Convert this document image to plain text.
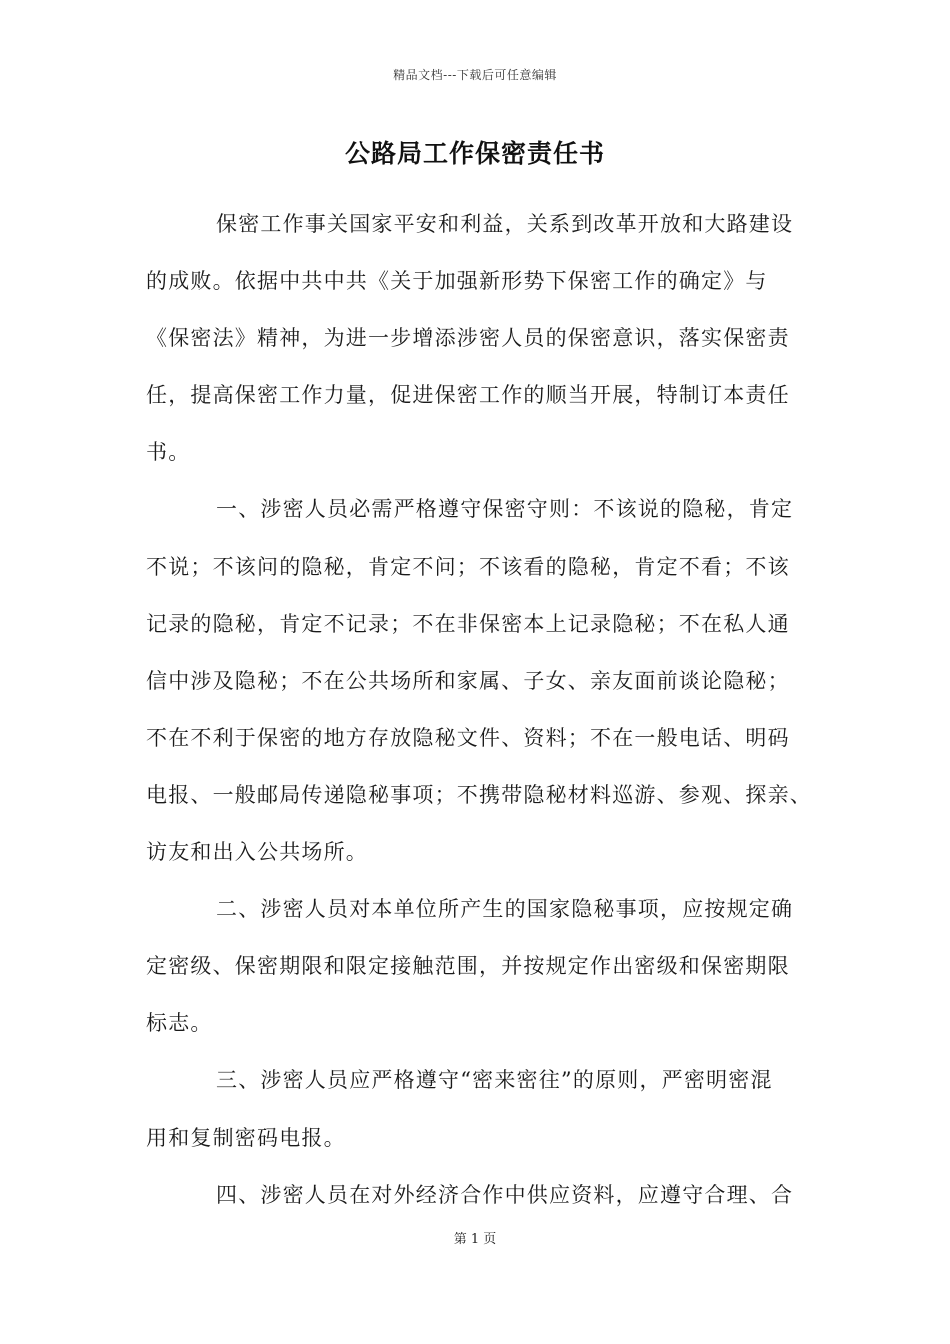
精品文档---下载后可任意编辑
公路局工作保密责任书
保密工作事关国家平安和利益，关系到改革开放和大路建设
的成败。依据中共中共《关于加强新形势下保密工作的确定》与
《保密法》精神，为进一步增添涉密人员的保密意识，落实保密责
任，提高保密工作力量，促进保密工作的顺当开展，特制订本责任
书。
一、涉密人员必需严格遵守保密守则：不该说的隐秘，肯定
不说；不该问的隐秘，肯定不问；不该看的隐秘，肯定不看；不该
记录的隐秘，肯定不记录；不在非保密本上记录隐秘；不在私人通
信中涉及隐秘；不在公共场所和家属、子女、亲友面前谈论隐秘；
不在不利于保密的地方存放隐秘文件、资料；不在一般电话、明码
电报、一般邮局传递隐秘事项；不携带隐秘材料巡游、参观、探亲、
访友和出入公共场所。
二、涉密人员对本单位所产生的国家隐秘事项，应按规定确
定密级、保密期限和限定接触范围，并按规定作出密级和保密期限
标志。
三、涉密人员应严格遵守“密来密往”的原则，严密明密混
用和复制密码电报。
四、涉密人员在对外经济合作中供应资料，应遵守合理、合
第 1 页
